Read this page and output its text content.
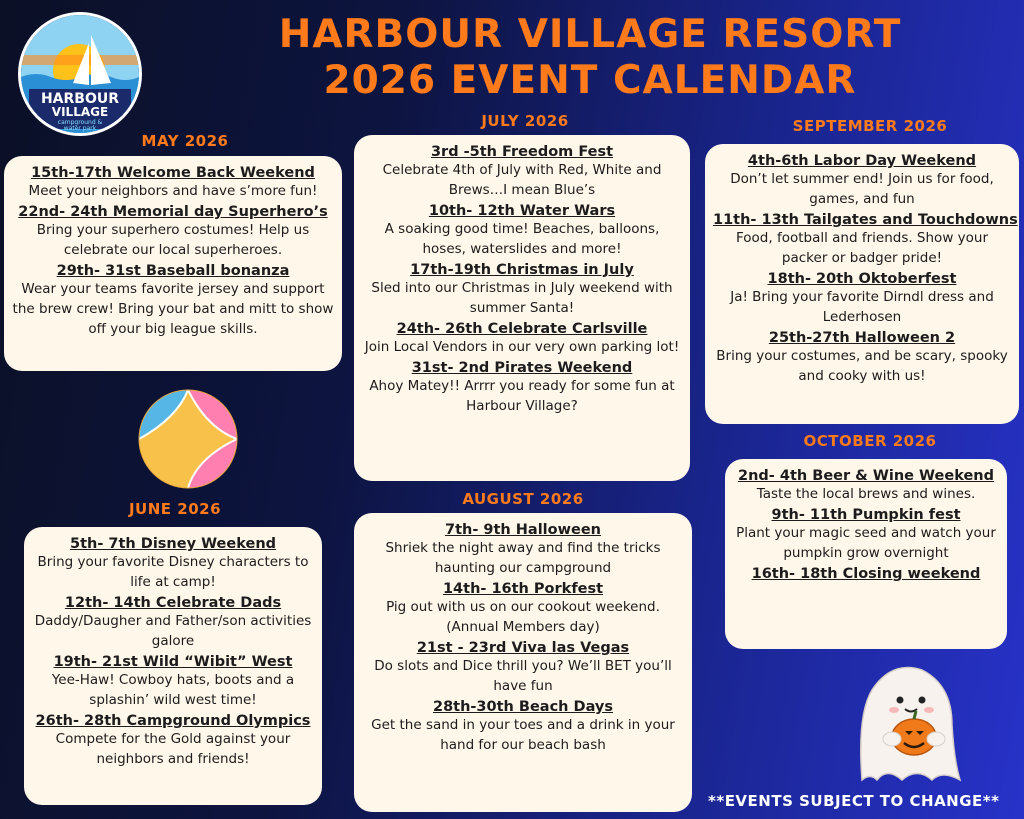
HARBOUR
VILLAGE
campground &
water park
HARBOUR VILLAGE RESORT
2026 EVENT CALENDAR
MAY 2026
15th-17th Welcome Back Weekend
Meet your neighbors and have s’more fun!
22nd- 24th Memorial day Superhero’s
Bring your superhero costumes! Help us celebrate our local superheroes.
29th- 31st Baseball bonanza
Wear your teams favorite jersey and support the brew crew! Bring your bat and mitt to show off your big league skills.
JUNE 2026
5th- 7th Disney Weekend
Bring your favorite Disney characters to life at camp!
12th- 14th Celebrate Dads
Daddy/Daugher and Father/son activities galore
19th- 21st Wild “Wibit” West
Yee-Haw! Cowboy hats, boots and a splashin’ wild west time!
26th- 28th Campground Olympics
Compete for the Gold against your neighbors and friends!
JULY 2026
3rd -5th Freedom Fest
Celebrate 4th of July with Red, White and Brews…I mean Blue’s
10th- 12th Water Wars
A soaking good time! Beaches, balloons, hoses, waterslides and more!
17th-19th Christmas in July
Sled into our Christmas in July weekend with summer Santa!
24th- 26th Celebrate Carlsville
Join Local Vendors in our very own parking lot!
31st- 2nd Pirates Weekend
Ahoy Matey!! Arrrr you ready for some fun at Harbour Village?
AUGUST 2026
7th- 9th Halloween
Shriek the night away and find the tricks haunting our campground
14th- 16th Porkfest
Pig out with us on our cookout weekend. (Annual Members day)
21st - 23rd Viva las Vegas
Do slots and Dice thrill you? We’ll BET you’ll have fun
28th-30th Beach Days
Get the sand in your toes and a drink in your hand for our beach bash
SEPTEMBER 2026
4th-6th Labor Day Weekend
Don’t let summer end! Join us for food, games, and fun
11th- 13th Tailgates and Touchdowns
Food, football and friends. Show your packer or badger pride!
18th- 20th Oktoberfest
Ja! Bring your favorite Dirndl dress and Lederhosen
25th-27th Halloween 2
Bring your costumes, and be scary, spooky and cooky with us!
OCTOBER 2026
2nd- 4th Beer & Wine Weekend
Taste the local brews and wines.
9th- 11th Pumpkin fest
Plant your magic seed and watch your pumpkin grow overnight
16th- 18th Closing weekend
**EVENTS SUBJECT TO CHANGE**
